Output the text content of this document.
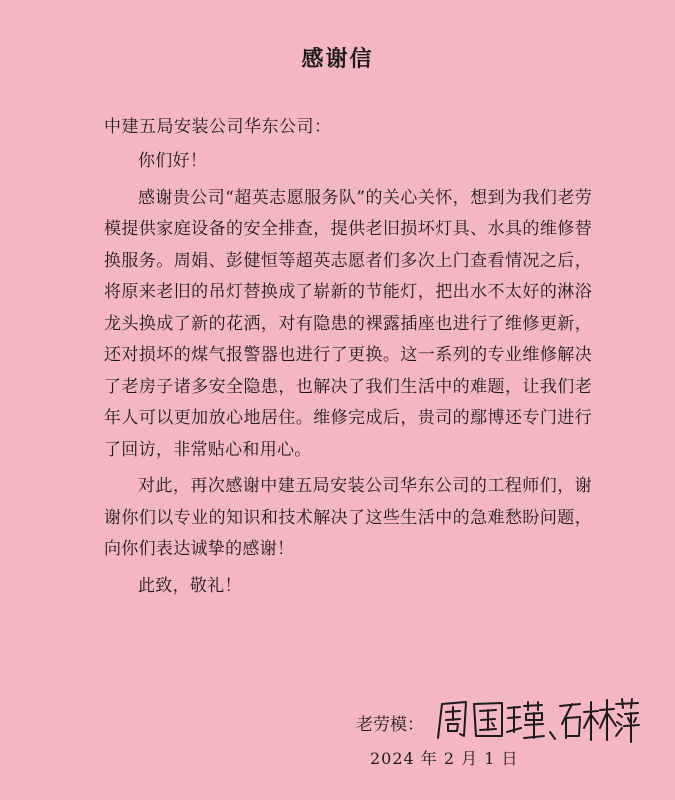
感谢信
中建五局安装公司华东公司：

你们好！

感谢贵公司“超英志愿服务队”的关心关怀，想到为我们老劳模提供家庭设备的安全排查，提供老旧损坏灯具、水具的维修替换服务。周娟、彭健恒等超英志愿者们多次上门查看情况之后，将原来老旧的吊灯替换成了崭新的节能灯，把出水不太好的淋浴龙头换成了新的花洒，对有隐患的裸露插座也进行了维修更新，还对损坏的煤气报警器也进行了更换。这一系列的专业维修解决了老房子诸多安全隐患，也解决了我们生活中的难题，让我们老年人可以更加放心地居住。维修完成后，贵司的鄢博还专门进行了回访，非常贴心和用心。

对此，再次感谢中建五局安装公司华东公司的工程师们，谢谢你们以专业的知识和技术解决了这些生活中的急难愁盼问题，向你们表达诚挚的感谢！

此致，敬礼！

老劳模：
2024 年 2 月 1 日
